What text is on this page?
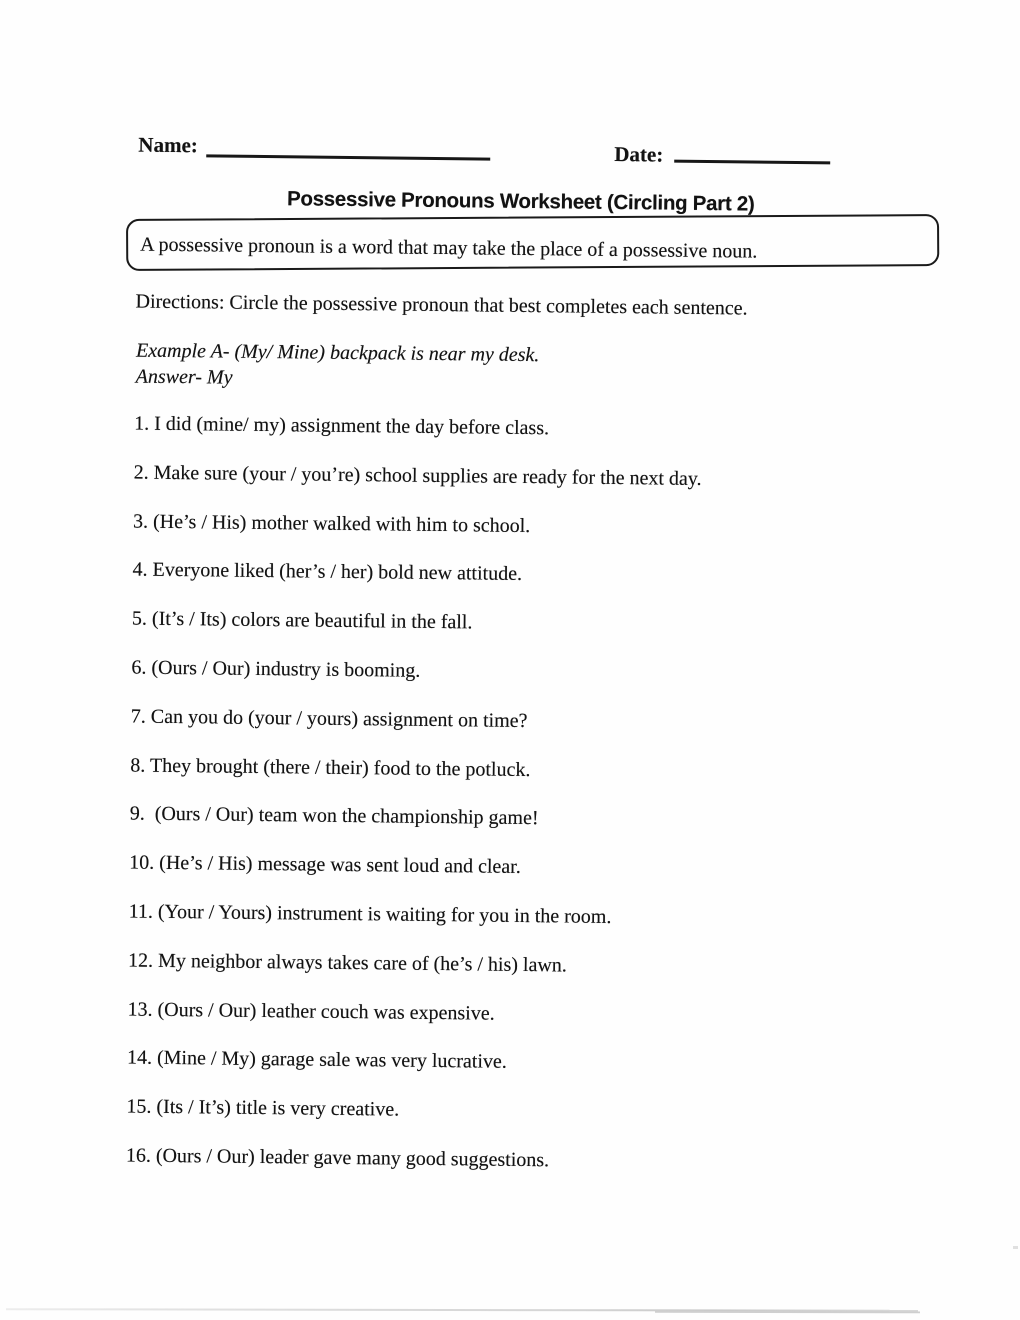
Name:	Date:
Possessive Pronouns Worksheet (Circling Part 2)
A possessive pronoun is a word that may take the place of a possessive noun.
Directions: Circle the possessive pronoun that best completes each sentence.
Example A- (My/ Mine) backpack is near my desk.
Answer- My
1. I did (mine/ my) assignment the day before class.
2. Make sure (your / you’re) school supplies are ready for the next day.
3. (He’s / His) mother walked with him to school.
4. Everyone liked (her’s / her) bold new attitude.
5. (It’s / Its) colors are beautiful in the fall.
6. (Ours / Our) industry is booming.
7. Can you do (your / yours) assignment on time?
8. They brought (there / their) food to the potluck.
9.  (Ours / Our) team won the championship game!
10. (He’s / His) message was sent loud and clear.
11. (Your / Yours) instrument is waiting for you in the room.
12. My neighbor always takes care of (he’s / his) lawn.
13. (Ours / Our) leather couch was expensive.
14. (Mine / My) garage sale was very lucrative.
15. (Its / It’s) title is very creative.
16. (Ours / Our) leader gave many good suggestions.
